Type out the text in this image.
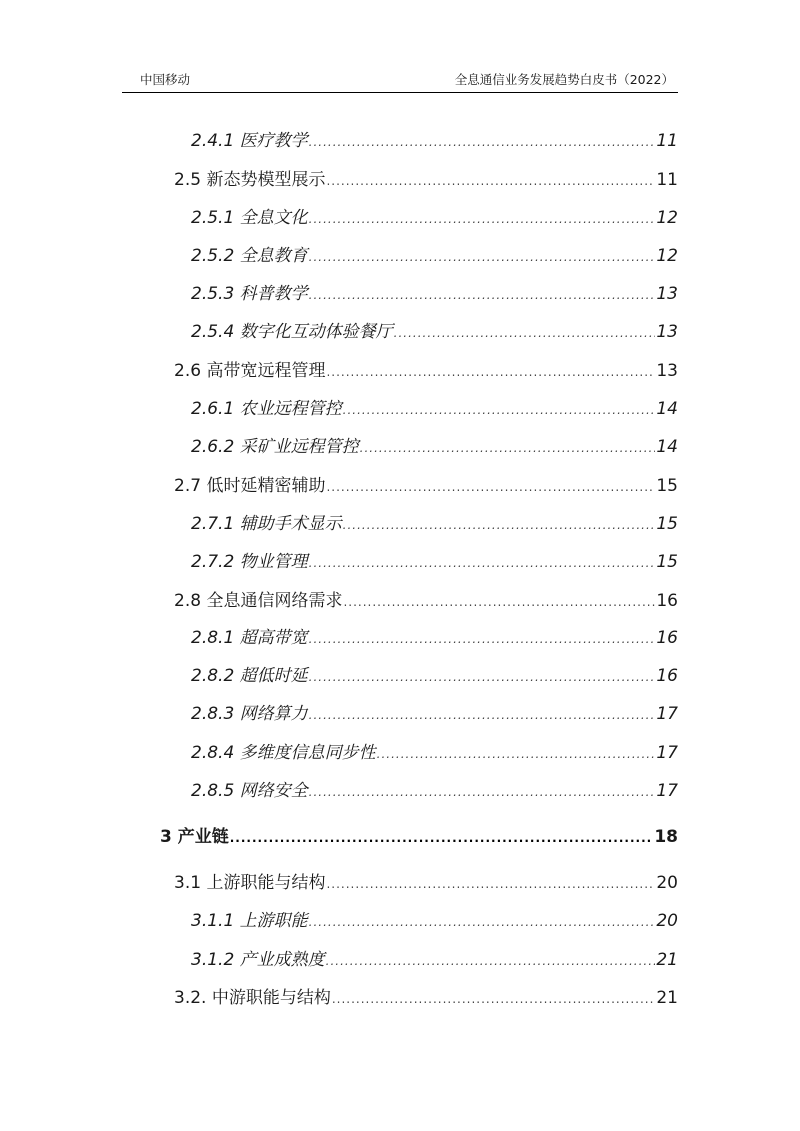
中国移动	全息通信业务发展趋势白皮书（2022）
2.4.1 医疗教学 .....	11
2.5 新态势模型展示 .....	11
2.5.1 全息文化 .....	12
2.5.2 全息教育 .....	12
2.5.3 科普教学 .....	13
2.5.4 数字化互动体验餐厅 .....	13
2.6 高带宽远程管理 .....	13
2.6.1 农业远程管控 .....	14
2.6.2 采矿业远程管控 .....	14
2.7 低时延精密辅助 .....	15
2.7.1 辅助手术显示 .....	15
2.7.2 物业管理 .....	15
2.8 全息通信网络需求 .....	16
2.8.1 超高带宽 .....	16
2.8.2 超低时延 .....	16
2.8.3 网络算力 .....	17
2.8.4 多维度信息同步性 .....	17
2.8.5 网络安全 .....	17
3 产业链 .....	18
3.1 上游职能与结构 .....	20
3.1.1 上游职能 .....	20
3.1.2 产业成熟度 .....	21
3.2. 中游职能与结构 .....	21
